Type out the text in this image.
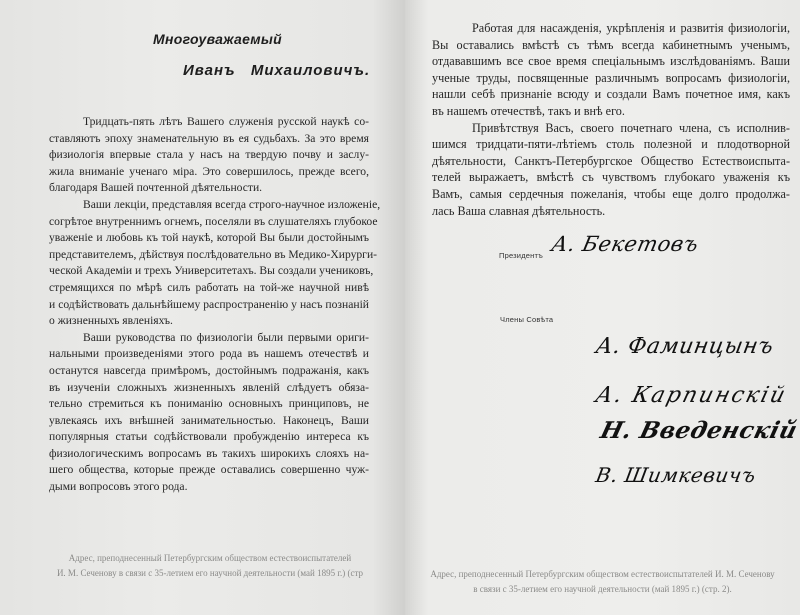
Многоуважаемый
Иванъ Михаиловичъ.
Тридцать-пять лѣтъ Вашего служенія русской наукѣ со-
ставляютъ эпоху знаменательную въ ея судьбахъ. За это время
физиологія впервые стала у насъ на твердую почву и заслу-
жила вниманіе ученаго міра. Это совершилось, прежде всего,
благодаря Вашей почтенной дѣятельности.
Ваши лекціи, представляя всегда строго-научное изложеніе,
согрѣтое внутреннимъ огнемъ, поселяли въ слушателяхъ глубокое
уваженіе и любовь къ той наукѣ, которой Вы были достойнымъ
представителемъ, дѣйствуя послѣдовательно въ Медико-Хирурги-
ческой Академіи и трехъ Университетахъ. Вы создали учениковъ,
стремящихся по мѣрѣ силъ работать на той-же научной нивѣ
и содѣйствовать дальнѣйшему распространенію у насъ познаній
о жизненныхъ явленіяхъ.
Ваши руководства по физиологіи были первыми ориги-
нальными произведеніями этого рода въ нашемъ отечествѣ и
останутся навсегда примѣромъ, достойнымъ подражанія, какъ
въ изученіи сложныхъ жизненныхъ явленій слѣдуетъ обяза-
тельно стремиться къ пониманію основныхъ принциповъ, не
увлекаясь ихъ внѣшней занимательностью. Наконецъ, Ваши
популярныя статьи содѣйствовали пробужденію интереса къ
физиологическимъ вопросамъ въ такихъ широкихъ слояхъ на-
шего общества, которые прежде оставались совершенно чуж-
дыми вопросовъ этого рода.
Адрес, преподнесенный Петербургским обществом естествоиспытателей
И. М. Сеченову в связи с 35-летием его научной деятельности (май 1895 г.) (стр	Адрес, преподнесенный Петербургским обществом естествоиспытателей И. М. Сеченову
в связи с 35-летием его научной деятельности (май 1895 г.) (стр. 2).
Работая для насажденія, укрѣпленія и развитія физиологіи,
Вы оставались вмѣстѣ съ тѣмъ всегда кабинетнымъ ученымъ,
отдававшимъ все свое время спеціальнымъ изслѣдованіямъ. Ваши
ученые труды, посвященные различнымъ вопросамъ физиологіи,
нашли себѣ признаніе всюду и создали Вамъ почетное имя, какъ
въ нашемъ отечествѣ, такъ и внѣ его.
Привѣтствуя Васъ, своего почетнаго члена, съ исполнив-
шимся тридцати-пяти-лѣтіемъ столь полезной и плодотворной
дѣятельности, Санктъ-Петербургское Общество Естествоиспыта-
телей выражаетъ, вмѣстѣ съ чувствомъ глубокаго уваженія къ
Вамъ, самыя сердечныя пожеланія, чтобы еще долго продолжа-
лась Ваша славная дѣятельность.
Президентъ А. Бекетовъ
Члены Совѣта
А. Фаминцынъ
А. Карпинскій
Н. Введенскій
В. Шимкевичъ
